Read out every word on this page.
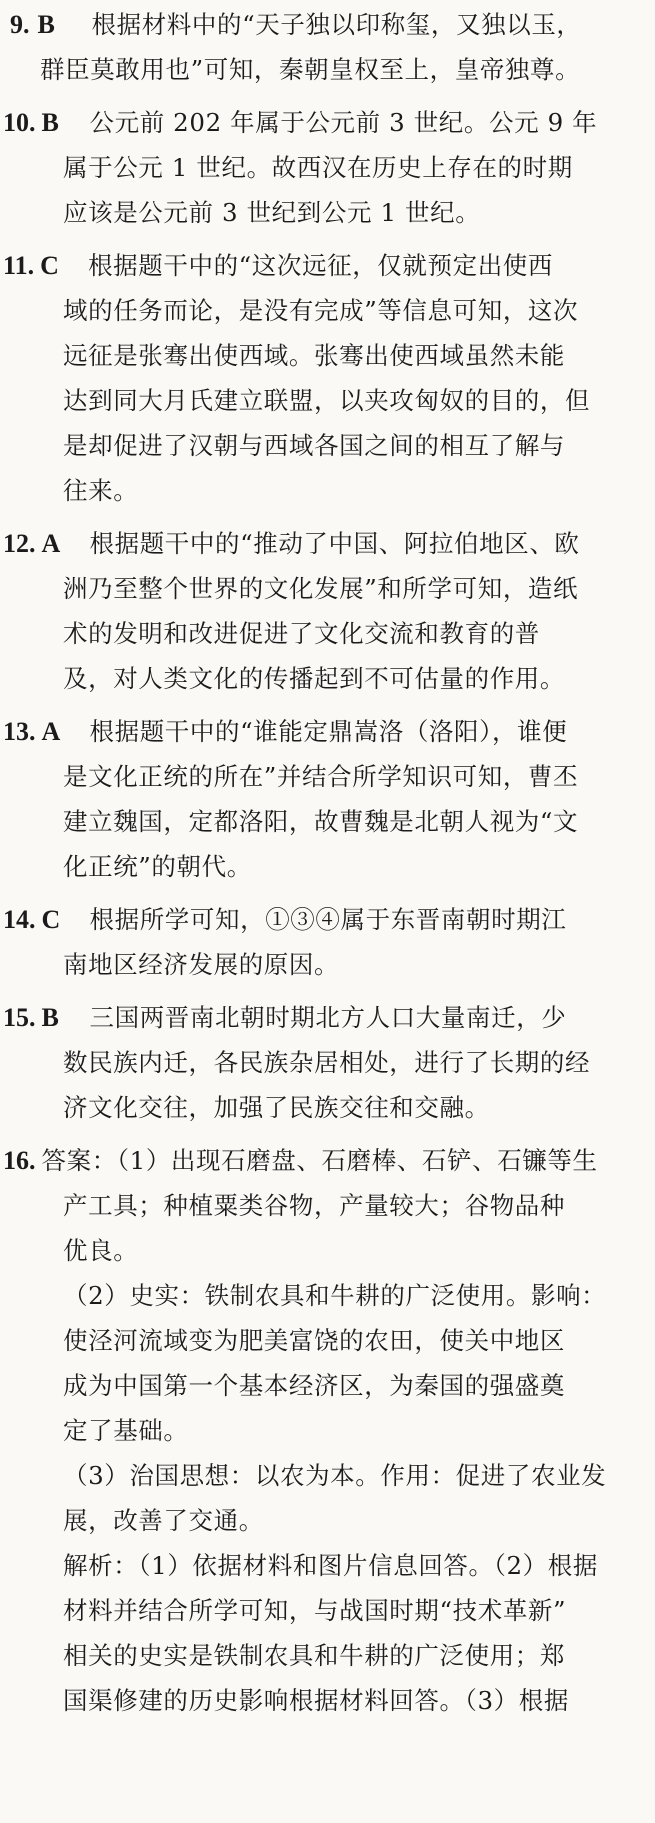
9. B 根据材料中的“天子独以印称玺，又独以玉，
群臣莫敢用也”可知，秦朝皇权至上，皇帝独尊。
10. B 公元前 202 年属于公元前 3 世纪。公元 9 年
属于公元 1 世纪。故西汉在历史上存在的时期
应该是公元前 3 世纪到公元 1 世纪。
11. C 根据题干中的“这次远征，仅就预定出使西
域的任务而论，是没有完成”等信息可知，这次
远征是张骞出使西域。张骞出使西域虽然未能
达到同大月氏建立联盟，以夹攻匈奴的目的，但
是却促进了汉朝与西域各国之间的相互了解与
往来。
12. A 根据题干中的“推动了中国、阿拉伯地区、欧
洲乃至整个世界的文化发展”和所学可知，造纸
术的发明和改进促进了文化交流和教育的普
及，对人类文化的传播起到不可估量的作用。
13. A 根据题干中的“谁能定鼎嵩洛（洛阳），谁便
是文化正统的所在”并结合所学知识可知，曹丕
建立魏国，定都洛阳，故曹魏是北朝人视为“文
化正统”的朝代。
14. C 根据所学可知，①③④属于东晋南朝时期江
南地区经济发展的原因。
15. B 三国两晋南北朝时期北方人口大量南迁，少
数民族内迁，各民族杂居相处，进行了长期的经
济文化交往，加强了民族交往和交融。
16. 答案：（1）出现石磨盘、石磨棒、石铲、石镰等生
产工具；种植粟类谷物，产量较大；谷物品种
优良。
（2）史实：铁制农具和牛耕的广泛使用。影响：
使泾河流域变为肥美富饶的农田，使关中地区
成为中国第一个基本经济区，为秦国的强盛奠
定了基础。
（3）治国思想：以农为本。作用：促进了农业发
展，改善了交通。
解析：（1）依据材料和图片信息回答。（2）根据
材料并结合所学可知，与战国时期“技术革新”
相关的史实是铁制农具和牛耕的广泛使用；郑
国渠修建的历史影响根据材料回答。（3）根据
